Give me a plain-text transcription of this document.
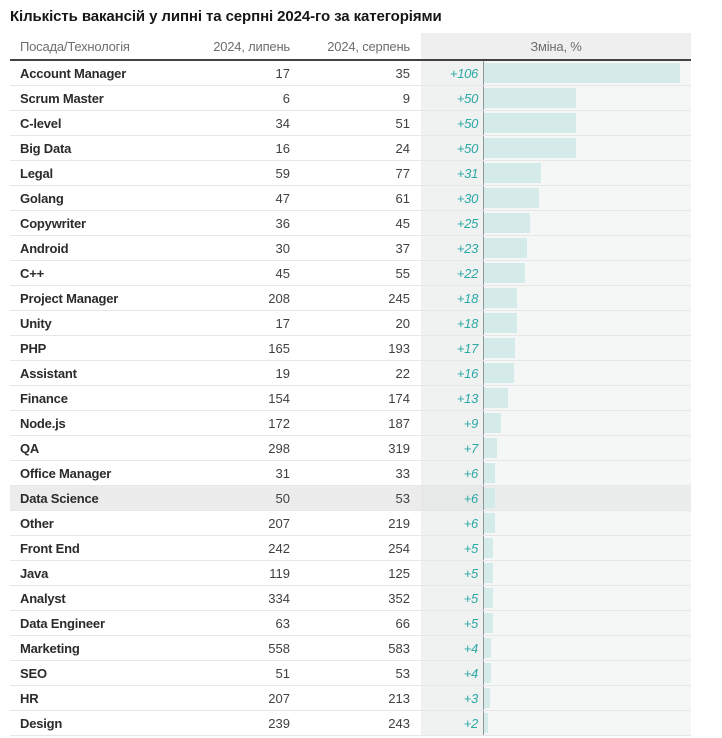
Кількість вакансій у липні та серпні 2024-го за категоріями
Посада/Технологія	2024, липень	2024, серпень	Зміна, %
Account Manager	17	35	+106
Scrum Master	6	9	+50
C-level	34	51	+50
Big Data	16	24	+50
Legal	59	77	+31
Golang	47	61	+30
Copywriter	36	45	+25
Android	30	37	+23
C++	45	55	+22
Project Manager	208	245	+18
Unity	17	20	+18
PHP	165	193	+17
Assistant	19	22	+16
Finance	154	174	+13
Node.js	172	187	+9
QA	298	319	+7
Office Manager	31	33	+6
Data Science	50	53	+6
Other	207	219	+6
Front End	242	254	+5
Java	119	125	+5
Analyst	334	352	+5
Data Engineer	63	66	+5
Marketing	558	583	+4
SEO	51	53	+4
HR	207	213	+3
Design	239	243	+2
